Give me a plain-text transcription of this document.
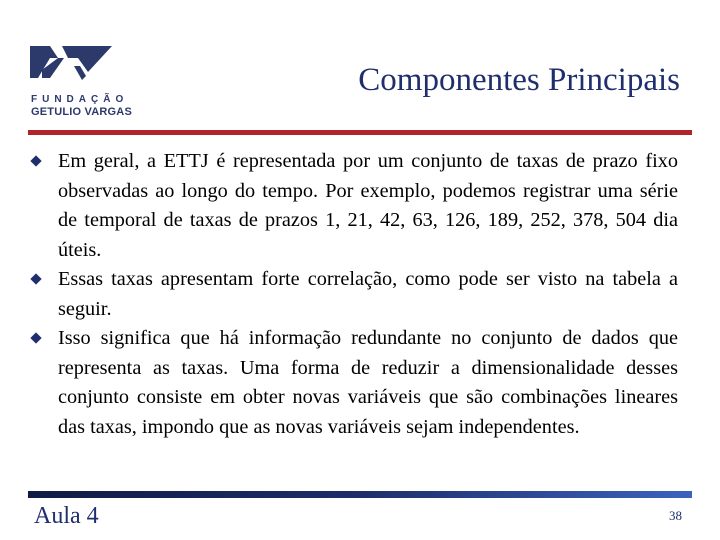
FUNDAÇÃO
GETULIO VARGAS
Componentes Principais

Em geral, a ETTJ é representada por um conjunto de taxas de prazo fixo observadas ao longo do tempo. Por exemplo, podemos registrar uma série de temporal de taxas de prazos 1, 21, 42, 63, 126, 189, 252, 378, 504 dia úteis.

Essas taxas apresentam forte correlação, como pode ser visto na tabela a seguir.

Isso significa que há informação redundante no conjunto de dados que representa as taxas. Uma forma de reduzir a dimensionalidade desses conjunto consiste em obter novas variáveis que são combinações lineares das taxas, impondo que as novas variáveis sejam independentes.

Aula 4	38
